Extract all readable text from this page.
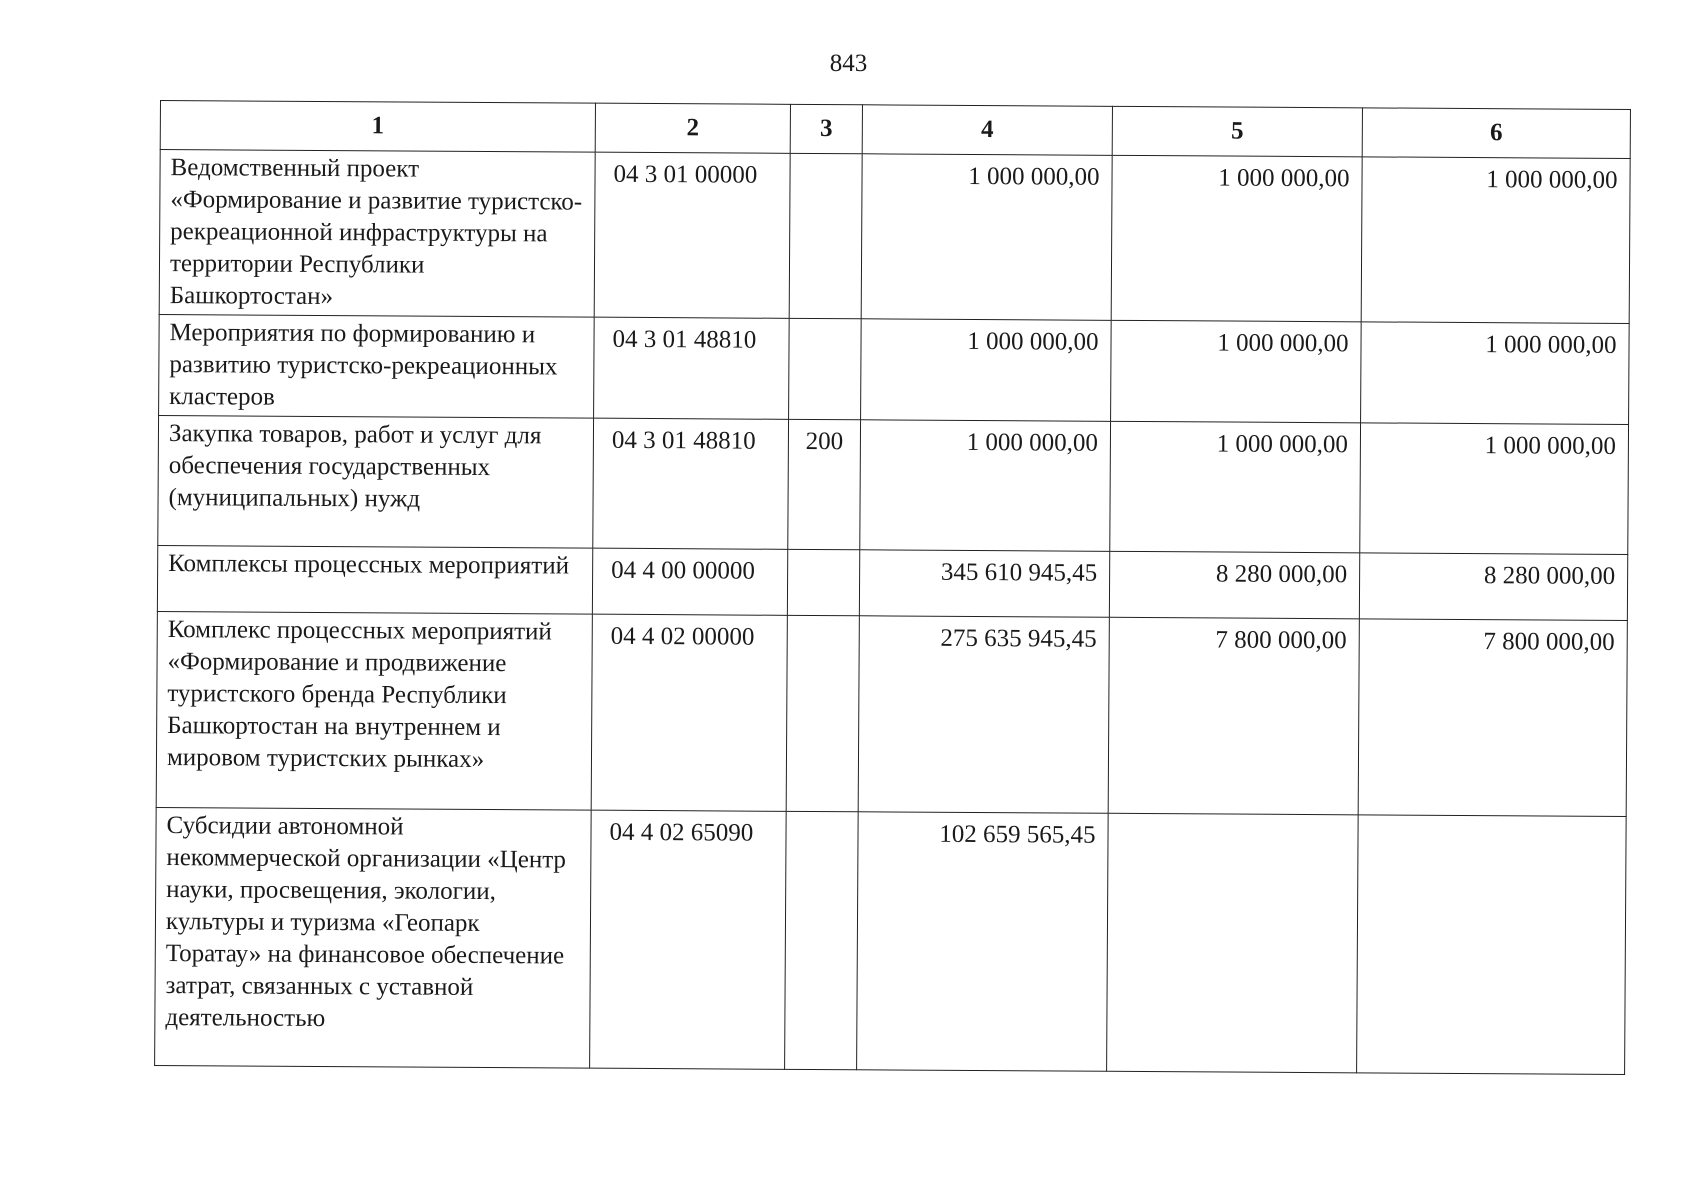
843
1	2	3	4	5	6
Ведомственный проект «Формирование и развитие туристско-рекреационной инфраструктуры на территории Республики Башкортостан»	04 3 01 00000		1 000 000,00	1 000 000,00	1 000 000,00
Мероприятия по формированию и развитию туристско-рекреационных кластеров	04 3 01 48810		1 000 000,00	1 000 000,00	1 000 000,00
Закупка товаров, работ и услуг для обеспечения государственных (муниципальных) нужд	04 3 01 48810	200	1 000 000,00	1 000 000,00	1 000 000,00
Комплексы процессных мероприятий	04 4 00 00000		345 610 945,45	8 280 000,00	8 280 000,00
Комплекс процессных мероприятий «Формирование и продвижение туристского бренда Республики Башкортостан на внутреннем и мировом туристских рынках»	04 4 02 00000		275 635 945,45	7 800 000,00	7 800 000,00
Субсидии автономной некоммерческой организации «Центр науки, просвещения, экологии, культуры и туризма «Геопарк Торатау» на финансовое обеспечение затрат, связанных с уставной деятельностью	04 4 02 65090		102 659 565,45		
